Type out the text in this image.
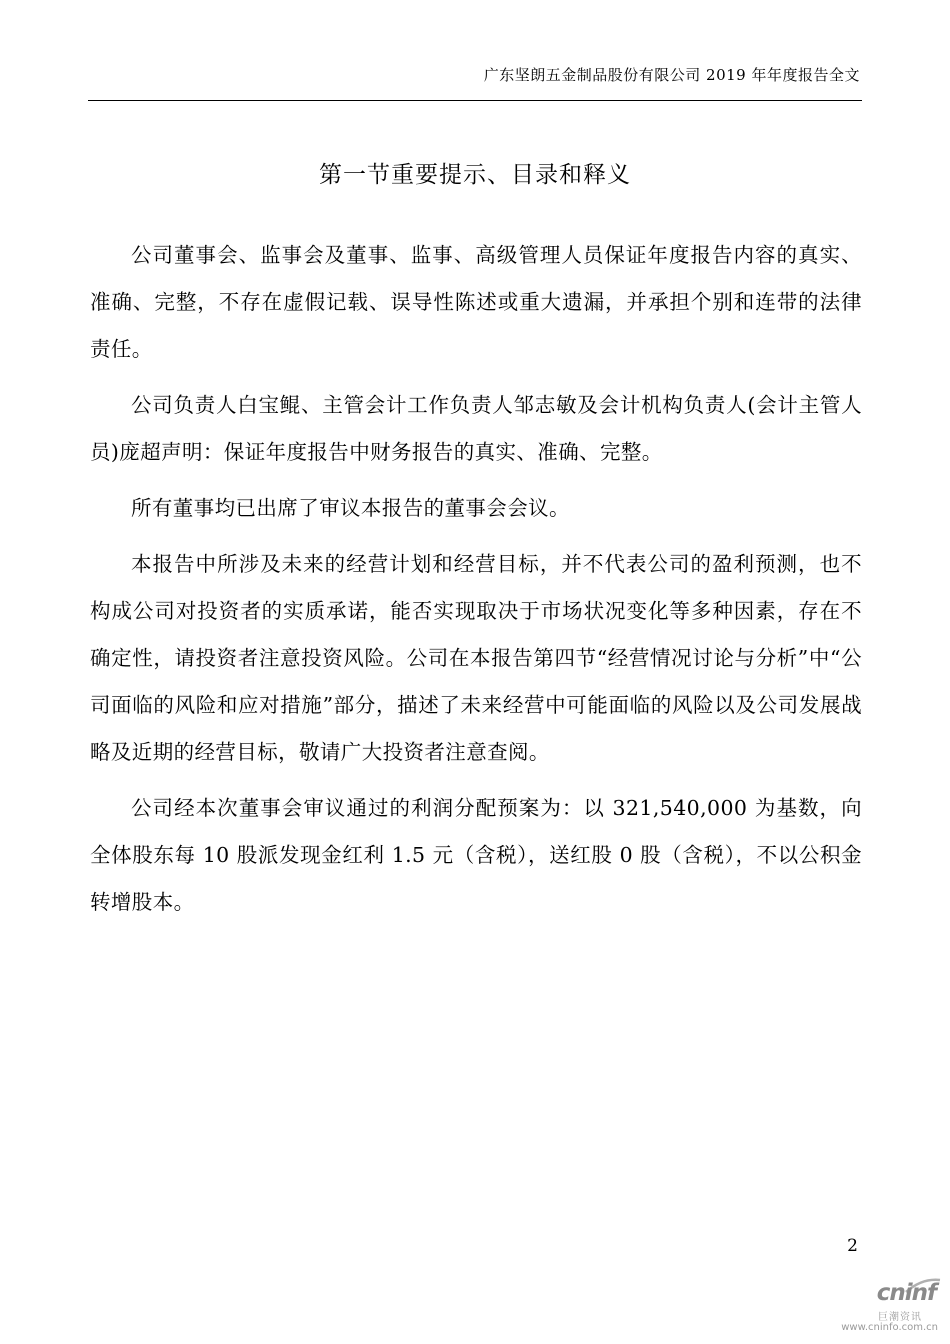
广东坚朗五金制品股份有限公司 2019 年年度报告全文
第一节重要提示、目录和释义

公司董事会、监事会及董事、监事、高级管理人员保证年度报告内容的真实、准确、完整，不存在虚假记载、误导性陈述或重大遗漏，并承担个别和连带的法律责任。

公司负责人白宝鲲、主管会计工作负责人邹志敏及会计机构负责人(会计主管人员)庞超声明：保证年度报告中财务报告的真实、准确、完整。

所有董事均已出席了审议本报告的董事会会议。

本报告中所涉及未来的经营计划和经营目标，并不代表公司的盈利预测，也不构成公司对投资者的实质承诺，能否实现取决于市场状况变化等多种因素，存在不确定性，请投资者注意投资风险。公司在本报告第四节“经营情况讨论与分析”中“公司面临的风险和应对措施”部分，描述了未来经营中可能面临的风险以及公司发展战略及近期的经营目标，敬请广大投资者注意查阅。

公司经本次董事会审议通过的利润分配预案为：以 321,540,000 为基数，向全体股东每 10 股派发现金红利 1.5 元（含税），送红股 0 股（含税），不以公积金转增股本。

2
cninf
巨潮资讯
www.cninfo.com.cn
